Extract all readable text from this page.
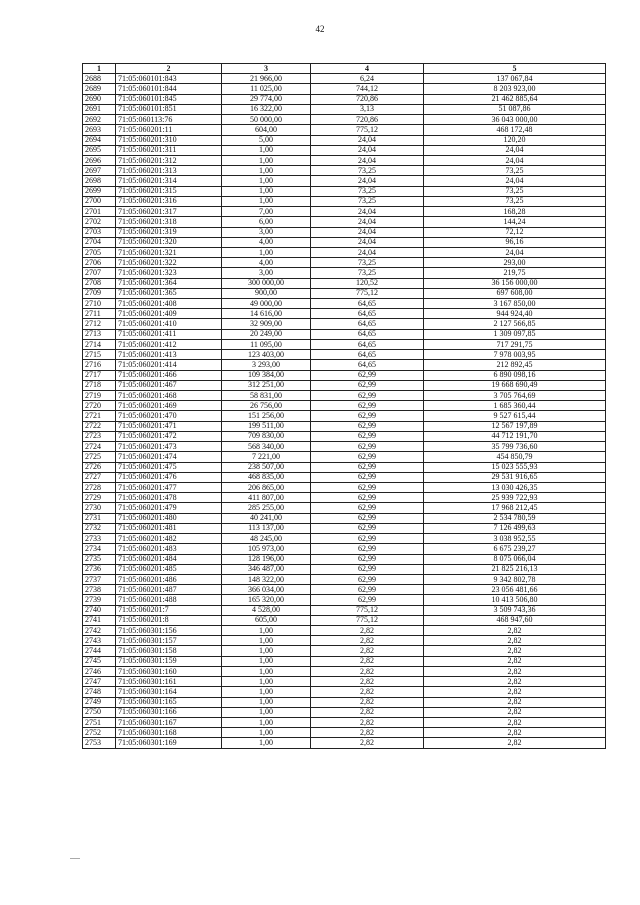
42
1	2	3	4	5
2688	71:05:060101:843	21 966,00	6,24	137 067,84
2689	71:05:060101:844	11 025,00	744,12	8 203 923,00
2690	71:05:060101:845	29 774,00	720,86	21 462 885,64
2691	71:05:060101:851	16 322,00	3,13	51 087,86
2692	71:05:060113:76	50 000,00	720,86	36 043 000,00
2693	71:05:060201:11	604,00	775,12	468 172,48
2694	71:05:060201:310	5,00	24,04	120,20
2695	71:05:060201:311	1,00	24,04	24,04
2696	71:05:060201:312	1,00	24,04	24,04
2697	71:05:060201:313	1,00	73,25	73,25
2698	71:05:060201:314	1,00	24,04	24,04
2699	71:05:060201:315	1,00	73,25	73,25
2700	71:05:060201:316	1,00	73,25	73,25
2701	71:05:060201:317	7,00	24,04	168,28
2702	71:05:060201:318	6,00	24,04	144,24
2703	71:05:060201:319	3,00	24,04	72,12
2704	71:05:060201:320	4,00	24,04	96,16
2705	71:05:060201:321	1,00	24,04	24,04
2706	71:05:060201:322	4,00	73,25	293,00
2707	71:05:060201:323	3,00	73,25	219,75
2708	71:05:060201:364	300 000,00	120,52	36 156 000,00
2709	71:05:060201:365	900,00	775,12	697 608,00
2710	71:05:060201:408	49 000,00	64,65	3 167 850,00
2711	71:05:060201:409	14 616,00	64,65	944 924,40
2712	71:05:060201:410	32 909,00	64,65	2 127 566,85
2713	71:05:060201:411	20 249,00	64,65	1 309 097,85
2714	71:05:060201:412	11 095,00	64,65	717 291,75
2715	71:05:060201:413	123 403,00	64,65	7 978 003,95
2716	71:05:060201:414	3 293,00	64,65	212 892,45
2717	71:05:060201:466	109 384,00	62,99	6 890 098,16
2718	71:05:060201:467	312 251,00	62,99	19 668 690,49
2719	71:05:060201:468	58 831,00	62,99	3 705 764,69
2720	71:05:060201:469	26 756,00	62,99	1 685 360,44
2721	71:05:060201:470	151 256,00	62,99	9 527 615,44
2722	71:05:060201:471	199 511,00	62,99	12 567 197,89
2723	71:05:060201:472	709 830,00	62,99	44 712 191,70
2724	71:05:060201:473	568 340,00	62,99	35 799 736,60
2725	71:05:060201:474	7 221,00	62,99	454 850,79
2726	71:05:060201:475	238 507,00	62,99	15 023 555,93
2727	71:05:060201:476	468 835,00	62,99	29 531 916,65
2728	71:05:060201:477	206 865,00	62,99	13 030 426,35
2729	71:05:060201:478	411 807,00	62,99	25 939 722,93
2730	71:05:060201:479	285 255,00	62,99	17 968 212,45
2731	71:05:060201:480	40 241,00	62,99	2 534 780,59
2732	71:05:060201:481	113 137,00	62,99	7 126 499,63
2733	71:05:060201:482	48 245,00	62,99	3 038 952,55
2734	71:05:060201:483	105 973,00	62,99	6 675 239,27
2735	71:05:060201:484	128 196,00	62,99	8 075 066,04
2736	71:05:060201:485	346 487,00	62,99	21 825 216,13
2737	71:05:060201:486	148 322,00	62,99	9 342 802,78
2738	71:05:060201:487	366 034,00	62,99	23 056 481,66
2739	71:05:060201:488	165 320,00	62,99	10 413 506,80
2740	71:05:060201:7	4 528,00	775,12	3 509 743,36
2741	71:05:060201:8	605,00	775,12	468 947,60
2742	71:05:060301:156	1,00	2,82	2,82
2743	71:05:060301:157	1,00	2,82	2,82
2744	71:05:060301:158	1,00	2,82	2,82
2745	71:05:060301:159	1,00	2,82	2,82
2746	71:05:060301:160	1,00	2,82	2,82
2747	71:05:060301:161	1,00	2,82	2,82
2748	71:05:060301:164	1,00	2,82	2,82
2749	71:05:060301:165	1,00	2,82	2,82
2750	71:05:060301:166	1,00	2,82	2,82
2751	71:05:060301:167	1,00	2,82	2,82
2752	71:05:060301:168	1,00	2,82	2,82
2753	71:05:060301:169	1,00	2,82	2,82
